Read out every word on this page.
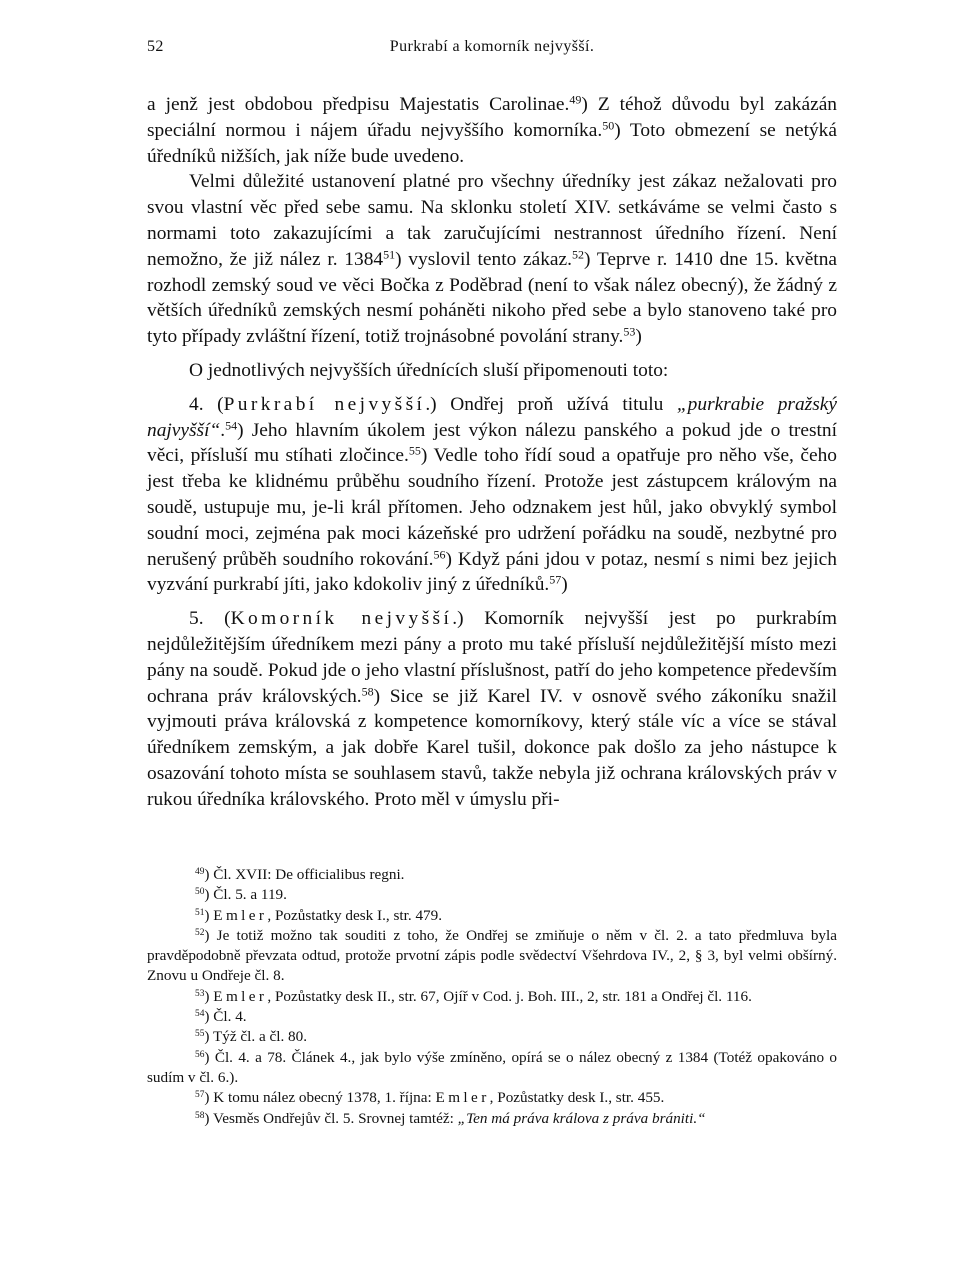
52	Purkrabí a komorník nejvyšší.

a jenž jest obdobou předpisu Majestatis Carolinae.$^{49}$) Z téhož důvodu byl zakázán speciální normou i nájem úřadu nejvyššího komorníka.$^{50}$) Toto obmezení se netýká úředníků nižších, jak níže bude uvedeno.

Velmi důležité ustanovení platné pro všechny úředníky jest zákaz nežalovati pro svou vlastní věc před sebe samu. Na sklonku století XIV. setkáváme se velmi často s normami toto zakazujícími a tak zaručujícími nestrannost úředního řízení. Není nemožno, že již nález r. 1384$^{51}$) vyslovil tento zákaz.$^{52}$) Teprve r. 1410 dne 15. května rozhodl zemský soud ve věci Bočka z Poděbrad (není to však nález obecný), že žádný z větších úředníků zemských nesmí poháněti nikoho před sebe a bylo stanoveno také pro tyto případy zvláštní řízení, totiž trojnásobné povolání strany.$^{53}$)

O jednotlivých nejvyšších úřednících sluší připomenouti toto:

4. (Purkrabí nejvyšší.) Ondřej proň užívá titulu „purkrabie pražský najvyšší“.$^{54}$) Jeho hlavním úkolem jest výkon nálezu panského a pokud jde o trestní věci, přísluší mu stíhati zločince.$^{55}$) Vedle toho řídí soud a opatřuje pro něho vše, čeho jest třeba ke klidnému průběhu soudního řízení. Protože jest zástupcem královým na soudě, ustupuje mu, je-li král přítomen. Jeho odznakem jest hůl, jako obvyklý symbol soudní moci, zejména pak moci kázeňské pro udržení pořádku na soudě, nezbytné pro nerušený průběh soudního rokování.$^{56}$) Když páni jdou v potaz, nesmí s nimi bez jejich vyzvání purkrabí jíti, jako kdokoliv jiný z úředníků.$^{57}$)

5. (Komorník nejvyšší.) Komorník nejvyšší jest po purkrabím nejdůležitějším úředníkem mezi pány a proto mu také přísluší nejdůležitější místo mezi pány na soudě. Pokud jde o jeho vlastní příslušnost, patří do jeho kompetence především ochrana práv královských.$^{58}$) Sice se již Karel IV. v osnově svého zákoníku snažil vyjmouti práva královská z kompetence komorníkovy, který stále víc a více se stával úředníkem zemským, a jak dobře Karel tušil, dokonce pak došlo za jeho nástupce k osazování tohoto místa se souhlasem stavů, takže nebyla již ochrana královských práv v rukou úředníka královského. Proto měl v úmyslu při-

$^{49}$) Čl. XVII: De officialibus regni.

$^{50}$) Čl. 5. a 119.

$^{51}$) Emler, Pozůstatky desk I., str. 479.

$^{52}$) Je totiž možno tak souditi z toho, že Ondřej se zmiňuje o něm v čl. 2. a tato předmluva byla pravděpodobně převzata odtud, protože prvotní zápis podle svědectví Všehrdova IV., 2, § 3, byl velmi obšírný. Znovu u Ondřeje čl. 8.

$^{53}$) Emler, Pozůstatky desk II., str. 67, Ojíř v Cod. j. Boh. III., 2, str. 181 a Ondřej čl. 116.

$^{54}$) Čl. 4.

$^{55}$) Týž čl. a čl. 80.

$^{56}$) Čl. 4. a 78. Článek 4., jak bylo výše zmíněno, opírá se o nález obecný z 1384 (Totéž opakováno o sudím v čl. 6.).

$^{57}$) K tomu nález obecný 1378, 1. října: Emler, Pozůstatky desk I., str. 455.

$^{58}$) Vesměs Ondřejův čl. 5. Srovnej tamtéž: „Ten má práva králova z práva brániti.“
